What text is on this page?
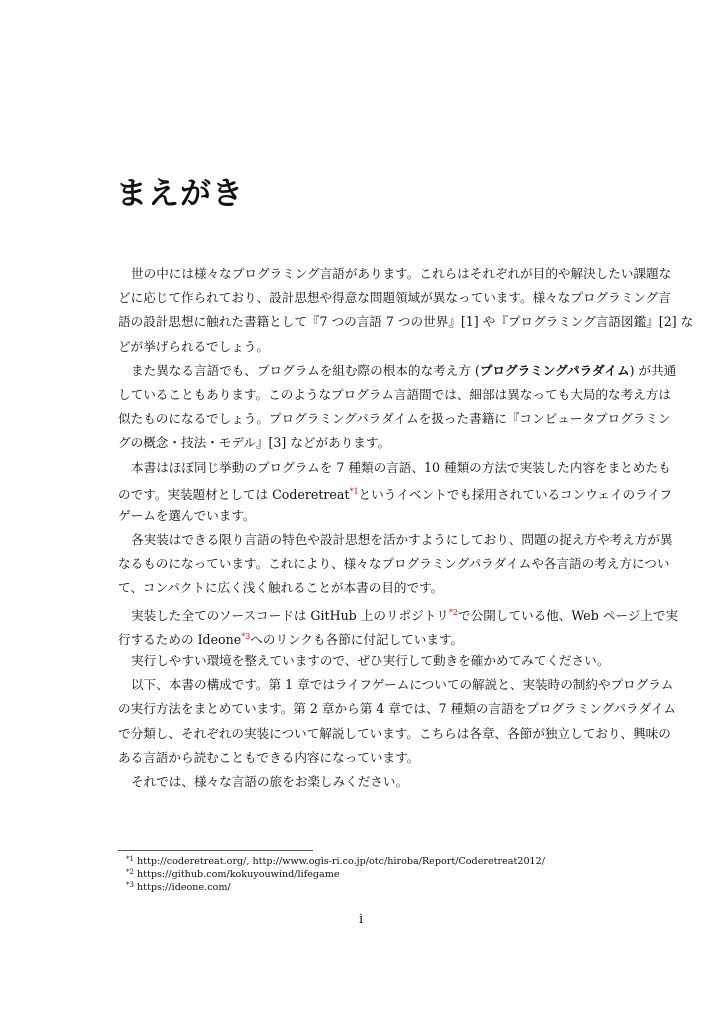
まえがき
世の中には様々なプログラミング言語があります。これらはそれぞれが目的や解決したい課題な
どに応じて作られており、設計思想や得意な問題領域が異なっています。様々なプログラミング言
語の設計思想に触れた書籍として『7 つの言語 7 つの世界』[1] や『プログラミング言語図鑑』[2] な
どが挙げられるでしょう。
また異なる言語でも、プログラムを組む際の根本的な考え方 (プログラミングパラダイム) が共通
していることもあります。このようなプログラム言語間では、細部は異なっても大局的な考え方は
似たものになるでしょう。プログラミングパラダイムを扱った書籍に『コンピュータプログラミン
グの概念・技法・モデル』[3] などがあります。
本書はほぼ同じ挙動のプログラムを 7 種類の言語、10 種類の方法で実装した内容をまとめたも
のです。実装題材としては Coderetreat$^{*1}$というイベントでも採用されているコンウェイのライフ
ゲームを選んでいます。
各実装はできる限り言語の特色や設計思想を活かすようにしており、問題の捉え方や考え方が異
なるものになっています。これにより、様々なプログラミングパラダイムや各言語の考え方につい
て、コンパクトに広く浅く触れることが本書の目的です。
実装した全てのソースコードは GitHub 上のリポジトリ$^{*2}$で公開している他、Web ページ上で実
行するための Ideone$^{*3}$へのリンクも各節に付記しています。
実行しやすい環境を整えていますので、ぜひ実行して動きを確かめてみてください。
以下、本書の構成です。第 1 章ではライフゲームについての解説と、実装時の制約やプログラム
の実行方法をまとめています。第 2 章から第 4 章では、7 種類の言語をプログラミングパラダイム
で分類し、それぞれの実装について解説しています。こちらは各章、各節が独立しており、興味の
ある言語から読むこともできる内容になっています。
それでは、様々な言語の旅をお楽しみください。
$^{*1}$ http://coderetreat.org/, http://www.ogis-ri.co.jp/otc/hiroba/Report/Coderetreat2012/
$^{*2}$ https://github.com/kokuyouwind/lifegame
$^{*3}$ https://ideone.com/
i
